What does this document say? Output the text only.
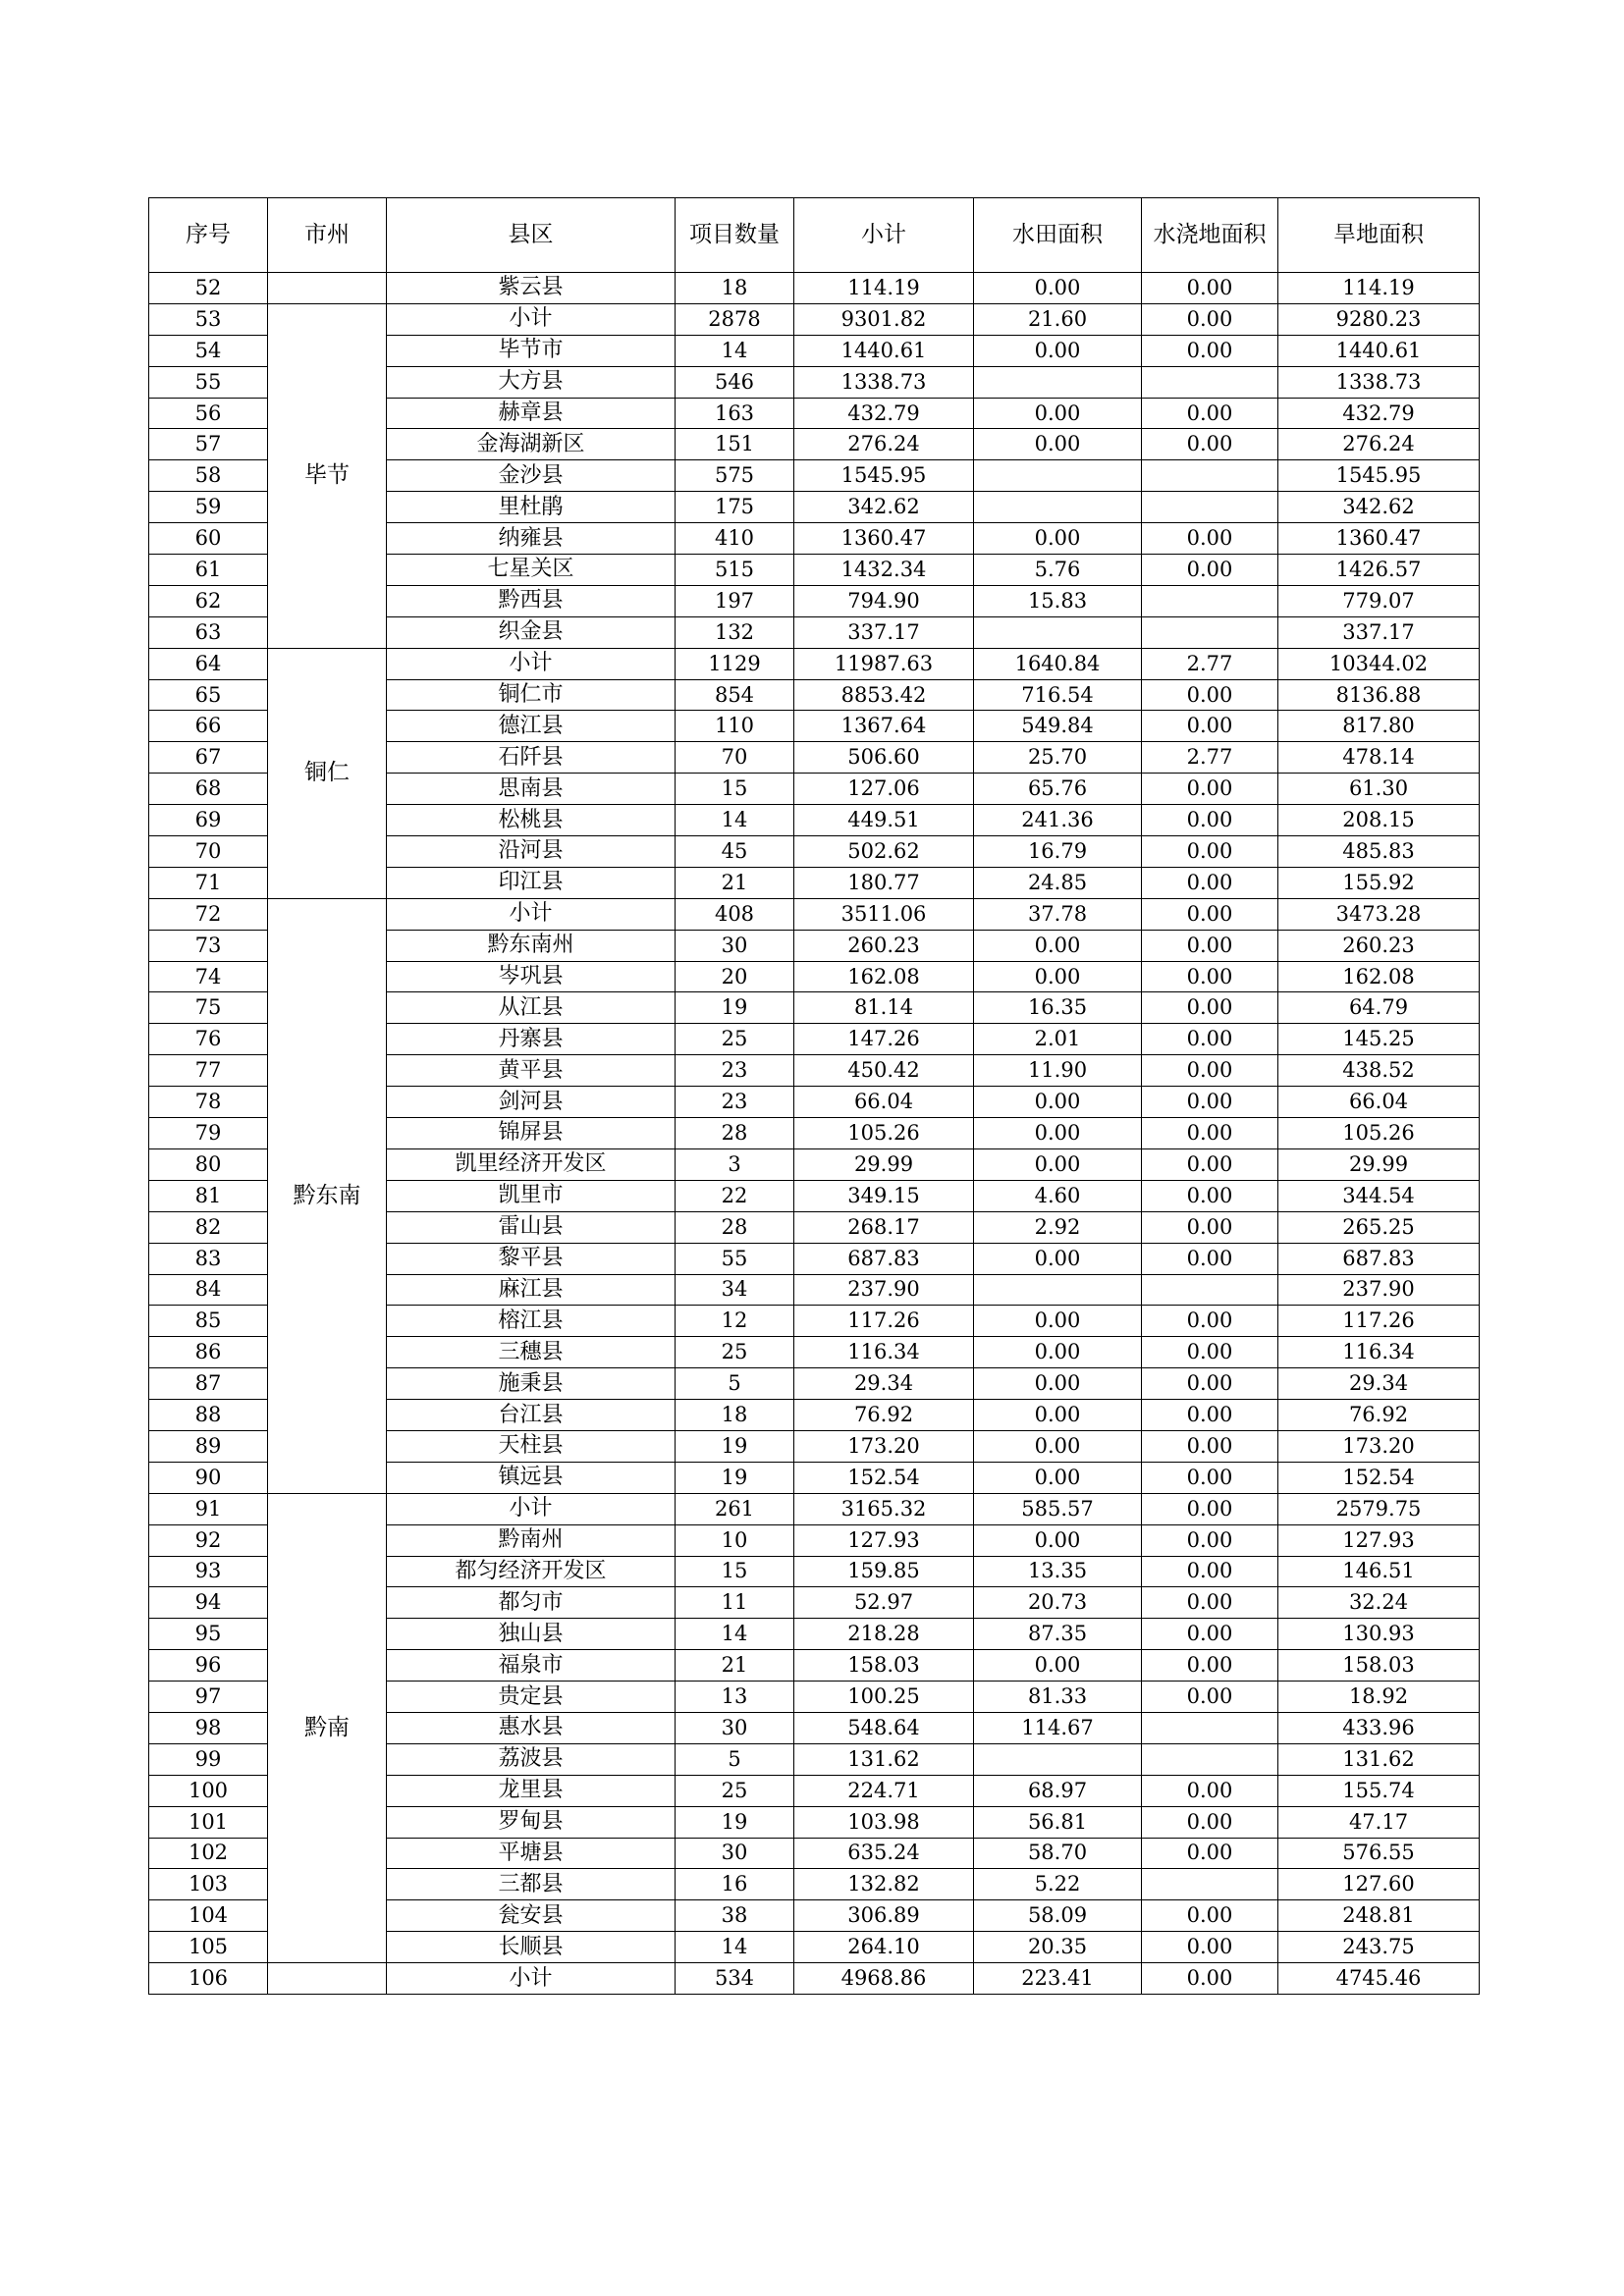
序号	市州	县区	项目数量	小计	水田面积	水浇地面积	旱地面积
52		紫云县	18	114.19	0.00	0.00	114.19
53	毕节	小计	2878	9301.82	21.60	0.00	9280.23
54		毕节市	14	1440.61	0.00	0.00	1440.61
55		大方县	546	1338.73			1338.73
56		赫章县	163	432.79	0.00	0.00	432.79
57		金海湖新区	151	276.24	0.00	0.00	276.24
58		金沙县	575	1545.95			1545.95
59		里杜鹃	175	342.62			342.62
60		纳雍县	410	1360.47	0.00	0.00	1360.47
61		七星关区	515	1432.34	5.76	0.00	1426.57
62		黔西县	197	794.90	15.83		779.07
63		织金县	132	337.17			337.17
64	铜仁	小计	1129	11987.63	1640.84	2.77	10344.02
65		铜仁市	854	8853.42	716.54	0.00	8136.88
66		德江县	110	1367.64	549.84	0.00	817.80
67		石阡县	70	506.60	25.70	2.77	478.14
68		思南县	15	127.06	65.76	0.00	61.30
69		松桃县	14	449.51	241.36	0.00	208.15
70		沿河县	45	502.62	16.79	0.00	485.83
71		印江县	21	180.77	24.85	0.00	155.92
72	黔东南	小计	408	3511.06	37.78	0.00	3473.28
73		黔东南州	30	260.23	0.00	0.00	260.23
74		岑巩县	20	162.08	0.00	0.00	162.08
75		从江县	19	81.14	16.35	0.00	64.79
76		丹寨县	25	147.26	2.01	0.00	145.25
77		黄平县	23	450.42	11.90	0.00	438.52
78		剑河县	23	66.04	0.00	0.00	66.04
79		锦屏县	28	105.26	0.00	0.00	105.26
80		凯里经济开发区	3	29.99	0.00	0.00	29.99
81		凯里市	22	349.15	4.60	0.00	344.54
82		雷山县	28	268.17	2.92	0.00	265.25
83		黎平县	55	687.83	0.00	0.00	687.83
84		麻江县	34	237.90			237.90
85		榕江县	12	117.26	0.00	0.00	117.26
86		三穗县	25	116.34	0.00	0.00	116.34
87		施秉县	5	29.34	0.00	0.00	29.34
88		台江县	18	76.92	0.00	0.00	76.92
89		天柱县	19	173.20	0.00	0.00	173.20
90		镇远县	19	152.54	0.00	0.00	152.54
91	黔南	小计	261	3165.32	585.57	0.00	2579.75
92		黔南州	10	127.93	0.00	0.00	127.93
93		都匀经济开发区	15	159.85	13.35	0.00	146.51
94		都匀市	11	52.97	20.73	0.00	32.24
95		独山县	14	218.28	87.35	0.00	130.93
96		福泉市	21	158.03	0.00	0.00	158.03
97		贵定县	13	100.25	81.33	0.00	18.92
98		惠水县	30	548.64	114.67		433.96
99		荔波县	5	131.62			131.62
100		龙里县	25	224.71	68.97	0.00	155.74
101		罗甸县	19	103.98	56.81	0.00	47.17
102		平塘县	30	635.24	58.70	0.00	576.55
103		三都县	16	132.82	5.22		127.60
104		瓮安县	38	306.89	58.09	0.00	248.81
105		长顺县	14	264.10	20.35	0.00	243.75
106		小计	534	4968.86	223.41	0.00	4745.46
